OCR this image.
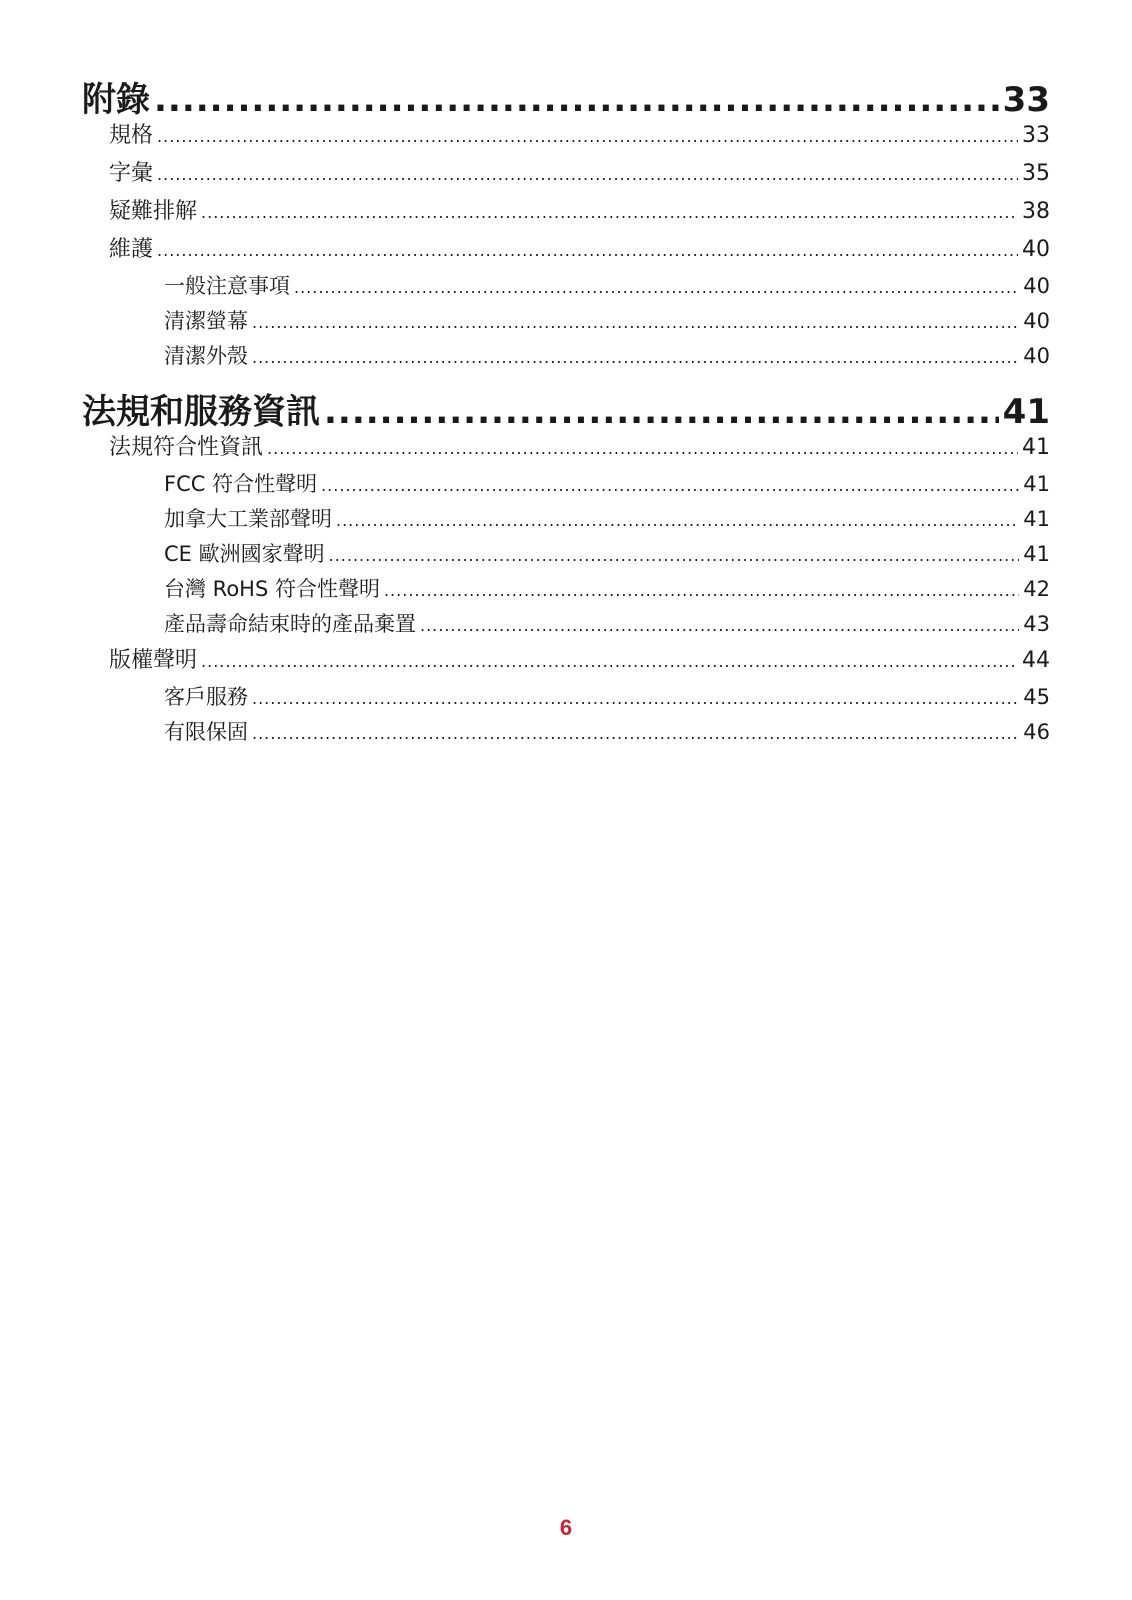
附錄 .....	33
規格 .....	33
字彙 .....	35
疑難排解 .....	38
維護 .....	40
一般注意事項 .....	40
清潔螢幕 .....	40
清潔外殼 .....	40
法規和服務資訊 .....	41
法規符合性資訊 .....	41
FCC 符合性聲明 .....	41
加拿大工業部聲明 .....	41
CE 歐洲國家聲明 .....	41
台灣 RoHS 符合性聲明 .....	42
產品壽命結束時的產品棄置 .....	43
版權聲明 .....	44
客戶服務 .....	45
有限保固 .....	46
6
